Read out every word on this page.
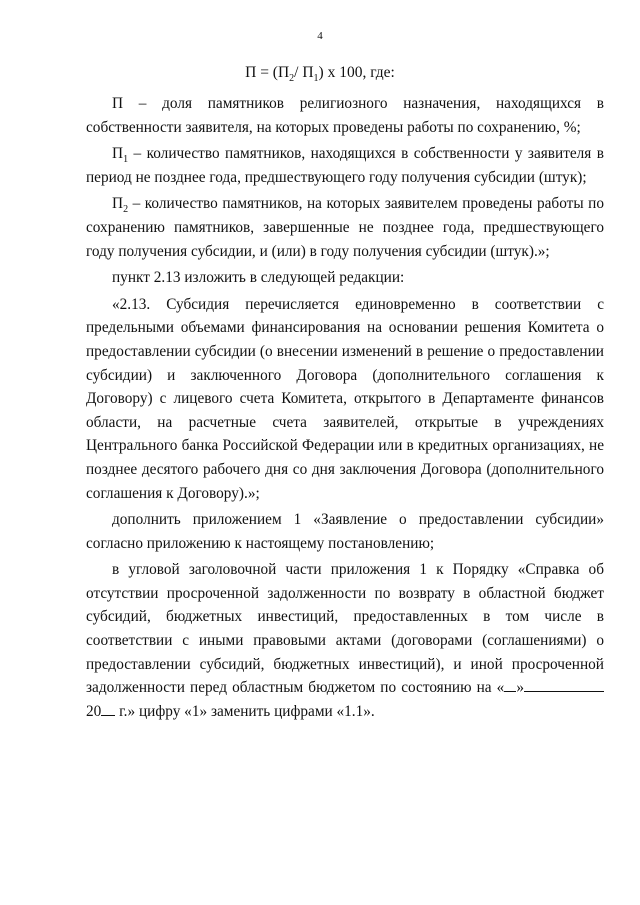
4
$П = (П_2/$ $П_1$) х 100, где:

П – доля памятников религиозного назначения, находящихся в собственности заявителя, на которых проведены работы по сохранению, %;

$П_1$ – количество памятников, находящихся в собственности у заявителя в период не позднее года, предшествующего году получения субсидии (штук);

$П_2$ – количество памятников, на которых заявителем проведены работы по сохранению памятников, завершенные не позднее года, предшествующего году получения субсидии, и (или) в году получения субсидии (штук).»;

пункт 2.13 изложить в следующей редакции:

«2.13. Субсидия перечисляется единовременно в соответствии с предельными объемами финансирования на основании решения Комитета о предоставлении субсидии (о внесении изменений в решение о предоставлении субсидии) и заключенного Договора (дополнительного соглашения к Договору) с лицевого счета Комитета, открытого в Департаменте финансов области, на расчетные счета заявителей, открытые в учреждениях Центрального банка Российской Федерации или в кредитных организациях, не позднее десятого рабочего дня со дня заключения Договора (дополнительного соглашения к Договору).»;

дополнить приложением 1 «Заявление о предоставлении субсидии» согласно приложению к настоящему постановлению;

в угловой заголовочной части приложения 1 к Порядку «Справка об отсутствии просроченной задолженности по возврату в областной бюджет субсидий, бюджетных инвестиций, предоставленных в том числе в соответствии с иными правовыми актами (договорами (соглашениями) о предоставлении субсидий, бюджетных инвестиций), и иной просроченной задолженности перед областным бюджетом по состоянию на « » 20 г.» цифру «1» заменить цифрами «1.1».
